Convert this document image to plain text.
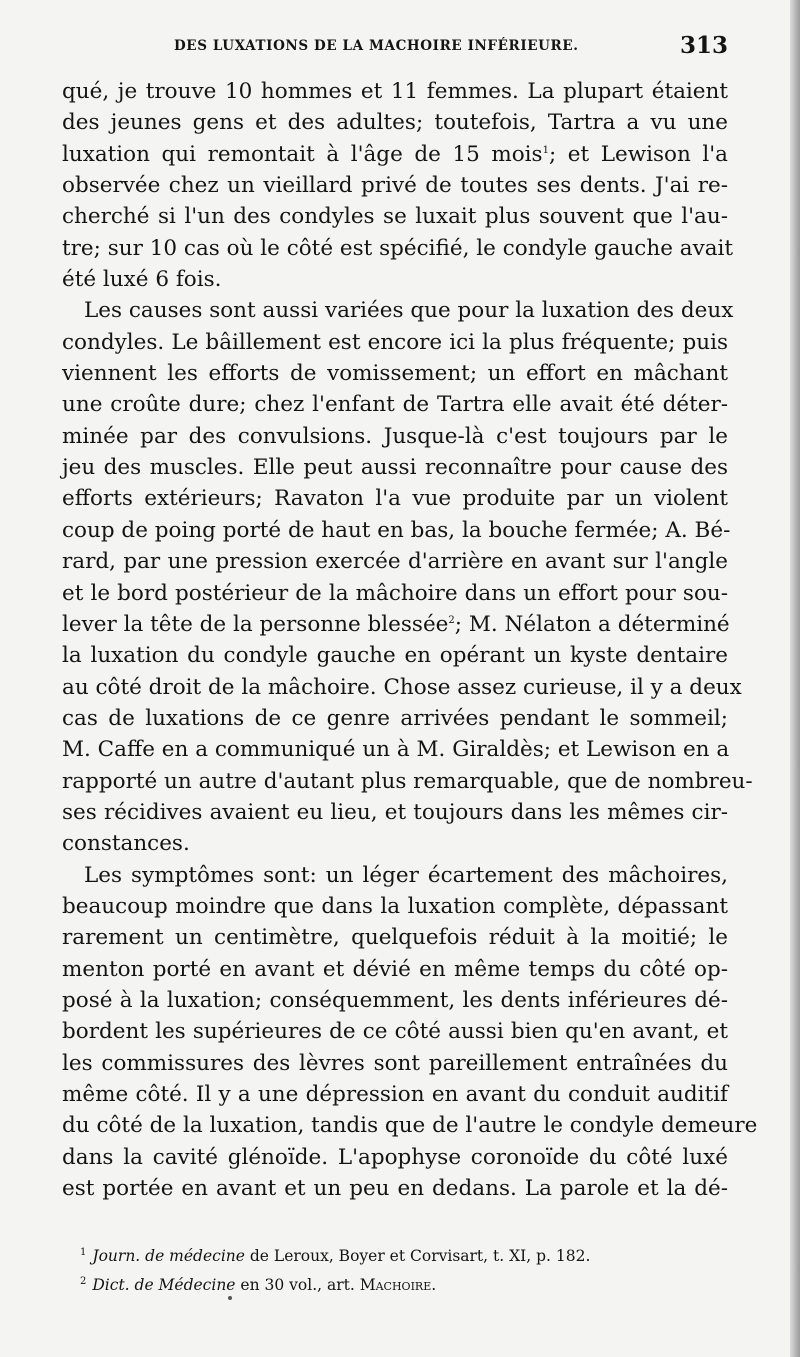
DES LUXATIONS DE LA MACHOIRE INFÉRIEURE.	313
qué, je trouve 10 hommes et 11 femmes. La plupart étaient
des jeunes gens et des adultes; toutefois, Tartra a vu une
luxation qui remontait à l'âge de 15 mois$^1$; et Lewison l'a
observée chez un vieillard privé de toutes ses dents. J'ai re-
cherché si l'un des condyles se luxait plus souvent que l'au-
tre; sur 10 cas où le côté est spécifié, le condyle gauche avait
été luxé 6 fois.
Les causes sont aussi variées que pour la luxation des deux
condyles. Le bâillement est encore ici la plus fréquente; puis
viennent les efforts de vomissement; un effort en mâchant
une croûte dure; chez l'enfant de Tartra elle avait été déter-
minée par des convulsions. Jusque-là c'est toujours par le
jeu des muscles. Elle peut aussi reconnaître pour cause des
efforts extérieurs; Ravaton l'a vue produite par un violent
coup de poing porté de haut en bas, la bouche fermée; A. Bé-
rard, par une pression exercée d'arrière en avant sur l'angle
et le bord postérieur de la mâchoire dans un effort pour sou-
lever la tête de la personne blessée$^2$; M. Nélaton a déterminé
la luxation du condyle gauche en opérant un kyste dentaire
au côté droit de la mâchoire. Chose assez curieuse, il y a deux
cas de luxations de ce genre arrivées pendant le sommeil;
M. Caffe en a communiqué un à M. Giraldès; et Lewison en a
rapporté un autre d'autant plus remarquable, que de nombreu-
ses récidives avaient eu lieu, et toujours dans les mêmes cir-
constances.
Les symptômes sont: un léger écartement des mâchoires,
beaucoup moindre que dans la luxation complète, dépassant
rarement un centimètre, quelquefois réduit à la moitié; le
menton porté en avant et dévié en même temps du côté op-
posé à la luxation; conséquemment, les dents inférieures dé-
bordent les supérieures de ce côté aussi bien qu'en avant, et
les commissures des lèvres sont pareillement entraînées du
même côté. Il y a une dépression en avant du conduit auditif
du côté de la luxation, tandis que de l'autre le condyle demeure
dans la cavité glénoïde. L'apophyse coronoïde du côté luxé
est portée en avant et un peu en dedans. La parole et la dé-
$^1$ Journ. de médecine de Leroux, Boyer et Corvisart, t. XI, p. 182.
$^2$ Dict. de Médecine en 30 vol., art. Machoire.
